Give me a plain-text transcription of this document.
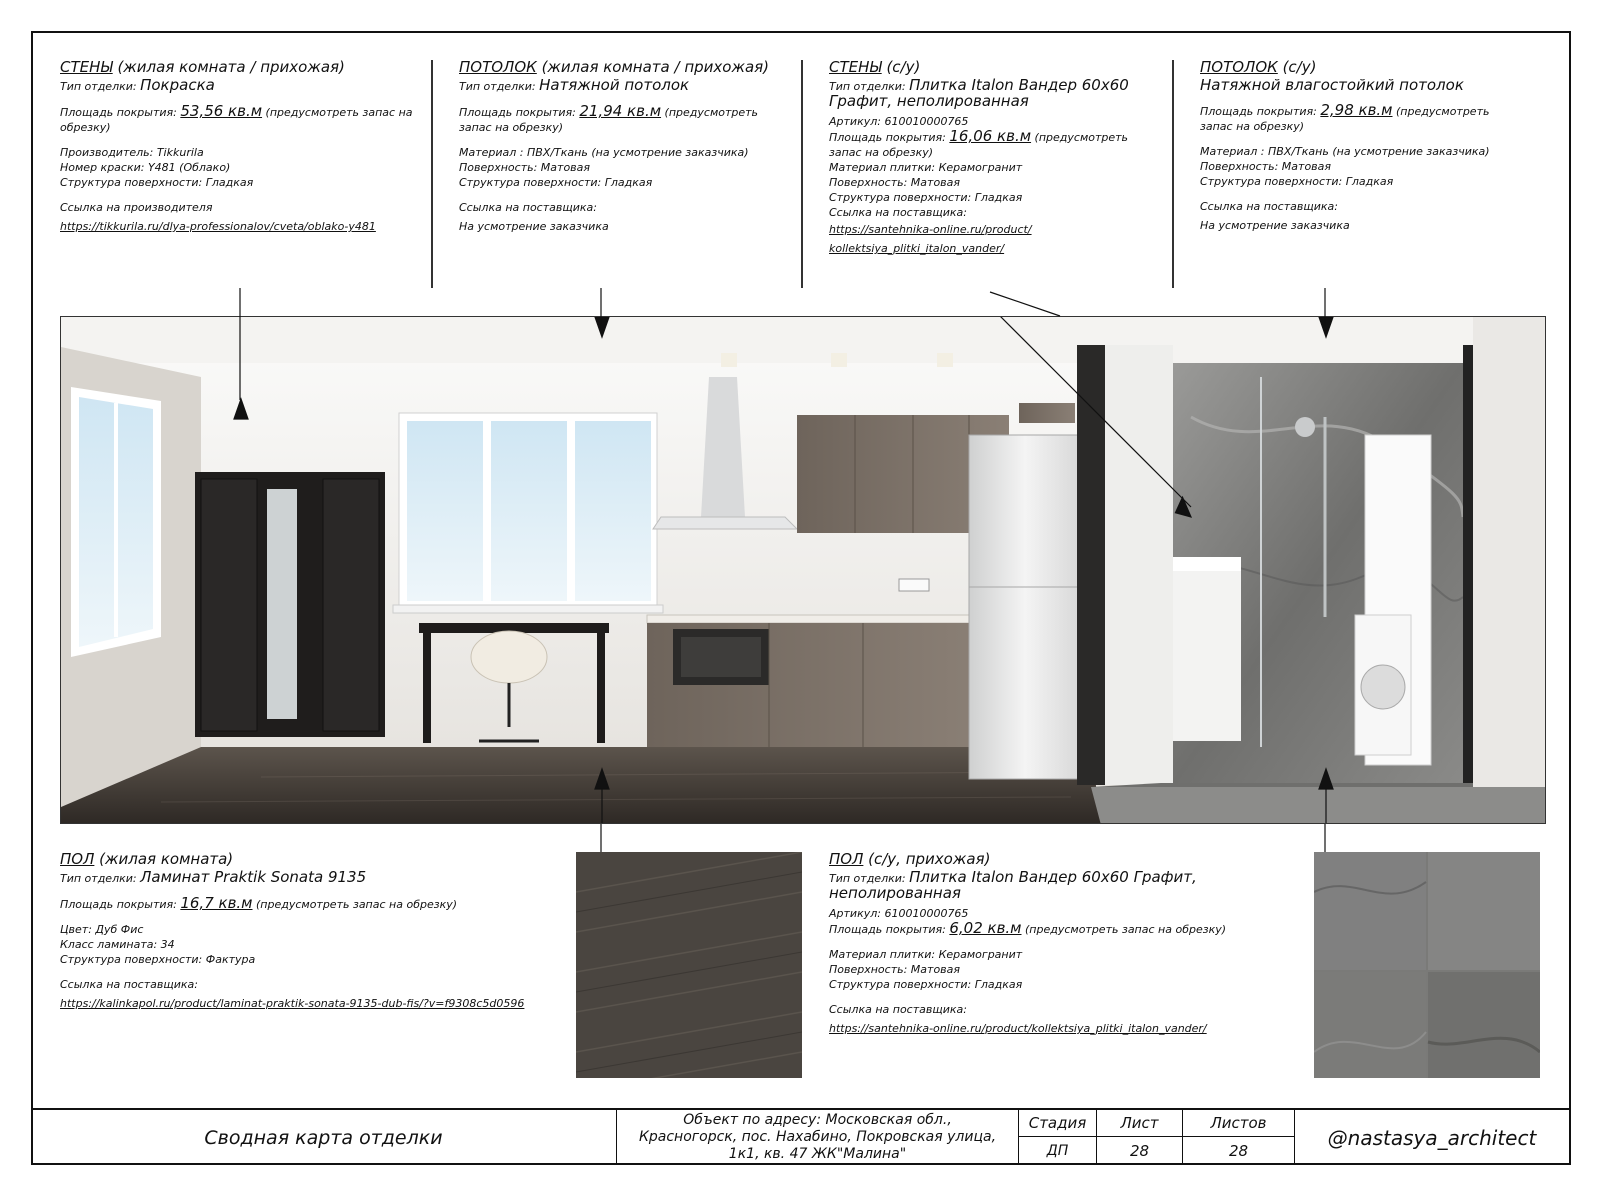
СТЕНЫ (жилая комната / прихожая)
Тип отделки: Покраска
Площадь покрытия: 53,56 кв.м (предусмотреть запас на обрезку)
Производитель: Tikkurila
Номер краски: Y481 (Облако)
Структура поверхности: Гладкая
Ссылка на производителя
https://tikkurila.ru/dlya-professionalov/cveta/oblako-y481
ПОТОЛОК (жилая комната / прихожая)
Тип отделки: Натяжной потолок
Площадь покрытия: 21,94 кв.м (предусмотреть запас на обрезку)
Материал : ПВХ/Ткань (на усмотрение заказчика)
Поверхность: Матовая
Структура поверхности: Гладкая
Ссылка на поставщика:
На усмотрение заказчика
СТЕНЫ (с/у)
Тип отделки: Плитка Italon Вандер 60х60 Графит, неполированная
Артикул: 610010000765
Площадь покрытия: 16,06 кв.м (предусмотреть запас на обрезку)
Материал плитки: Керамогранит
Поверхность: Матовая
Структура поверхности: Гладкая
Ссылка на поставщика:
https://santehnika-online.ru/product/ kollektsiya_plitki_italon_vander/
ПОТОЛОК (с/у)
Натяжной влагостойкий потолок
Площадь покрытия: 2,98 кв.м (предусмотреть запас на обрезку)
Материал : ПВХ/Ткань (на усмотрение заказчика)
Поверхность: Матовая
Структура поверхности: Гладкая
Ссылка на поставщика:
На усмотрение заказчика
ПОЛ (жилая комната)
Тип отделки: Ламинат Praktik Sonata 9135
Площадь покрытия: 16,7 кв.м (предусмотреть запас на обрезку)
Цвет: Дуб Фис
Класс ламината: 34
Структура поверхности: Фактура
Ссылка на поставщика:
https://kalinkapol.ru/product/laminat-praktik-sonata-9135-dub-fis/?v=f9308c5d0596
ПОЛ (с/у, прихожая)
Тип отделки: Плитка Italon Вандер 60х60 Графит, неполированная
Артикул: 610010000765
Площадь покрытия: 6,02 кв.м (предусмотреть запас на обрезку)
Материал плитки: Керамогранит
Поверхность: Матовая
Структура поверхности: Гладкая
Ссылка на поставщика:
https://santehnika-online.ru/product/kollektsiya_plitki_italon_vander/
Сводная карта отделки
Объект по адресу: Московская обл., Красногорск, пос. Нахабино, Покровская улица, 1к1, кв. 47 ЖК"Малина"
Стадия
ДП
Лист
28
Листов
28
@nastasya_architect
